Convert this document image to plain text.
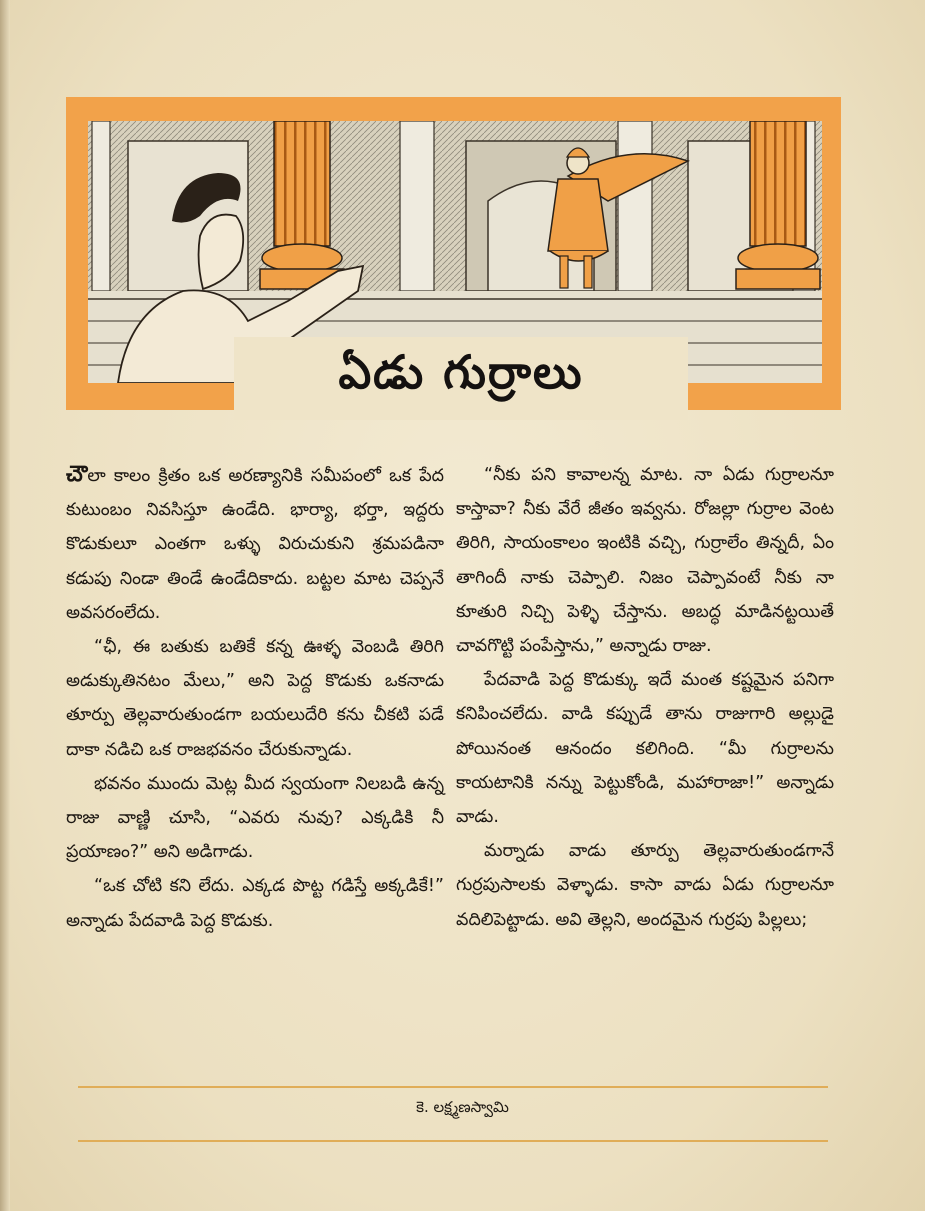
ఏడు గుర్రాలు

చౌలా కాలం క్రితం ఒక అరణ్యానికి సమీపంలో ఒక పేద కుటుంబం నివసిస్తూ ఉండేది. భార్యా, భర్తా, ఇద్దరు కొడుకులూ ఎంతగా ఒళ్ళు విరుచుకుని శ్రమపడినా కడుపు నిండా తిండే ఉండేదికాదు. బట్టల మాట చెప్పనే అవసరంలేదు.

“ఛీ, ఈ బతుకు బతికే కన్న ఊళ్ళ వెంబడి తిరిగి అడుక్కుతినటం మేలు,” అని పెద్ద కొడుకు ఒకనాడు తూర్పు తెల్లవారుతుండగా బయలుదేరి కను చీకటి పడే దాకా నడిచి ఒక రాజభవనం చేరుకున్నాడు.

భవనం ముందు మెట్ల మీద స్వయంగా నిలబడి ఉన్న రాజు వాణ్ణి చూసి, “ఎవరు నువు? ఎక్కడికి నీ ప్రయాణం?” అని అడిగాడు.

“ఒక చోటి కని లేదు. ఎక్కడ పొట్ట గడిస్తే అక్కడికే!” అన్నాడు పేదవాడి పెద్ద కొడుకు.

“నీకు పని కావాలన్న మాట. నా ఏడు గుర్రాలనూ కాస్తావా? నీకు వేరే జీతం ఇవ్వను. రోజల్లా గుర్రాల వెంట తిరిగి, సాయంకాలం ఇంటికి వచ్చి, గుర్రాలేం తిన్నదీ, ఏం తాగిందీ నాకు చెప్పాలి. నిజం చెప్పావంటే నీకు నా కూతురి నిచ్చి పెళ్ళి చేస్తాను. అబద్ధ మాడినట్టయితే చావగొట్టి పంపేస్తాను,” అన్నాడు రాజు.

పేదవాడి పెద్ద కొడుక్కు ఇదే మంత కష్టమైన పనిగా కనిపించలేదు. వాడి కప్పుడే తాను రాజుగారి అల్లుడై పోయినంత ఆనందం కలిగింది. “మీ గుర్రాలను కాయటానికి నన్ను పెట్టుకోండి, మహారాజా!” అన్నాడు వాడు.

మర్నాడు వాడు తూర్పు తెల్లవారుతుండగానే గుర్రపుసాలకు వెళ్ళాడు. కాసా వాడు ఏడు గుర్రాలనూ వదిలిపెట్టాడు. అవి తెల్లని, అందమైన గుర్రపు పిల్లలు;

కె. లక్ష్మణస్వామి
